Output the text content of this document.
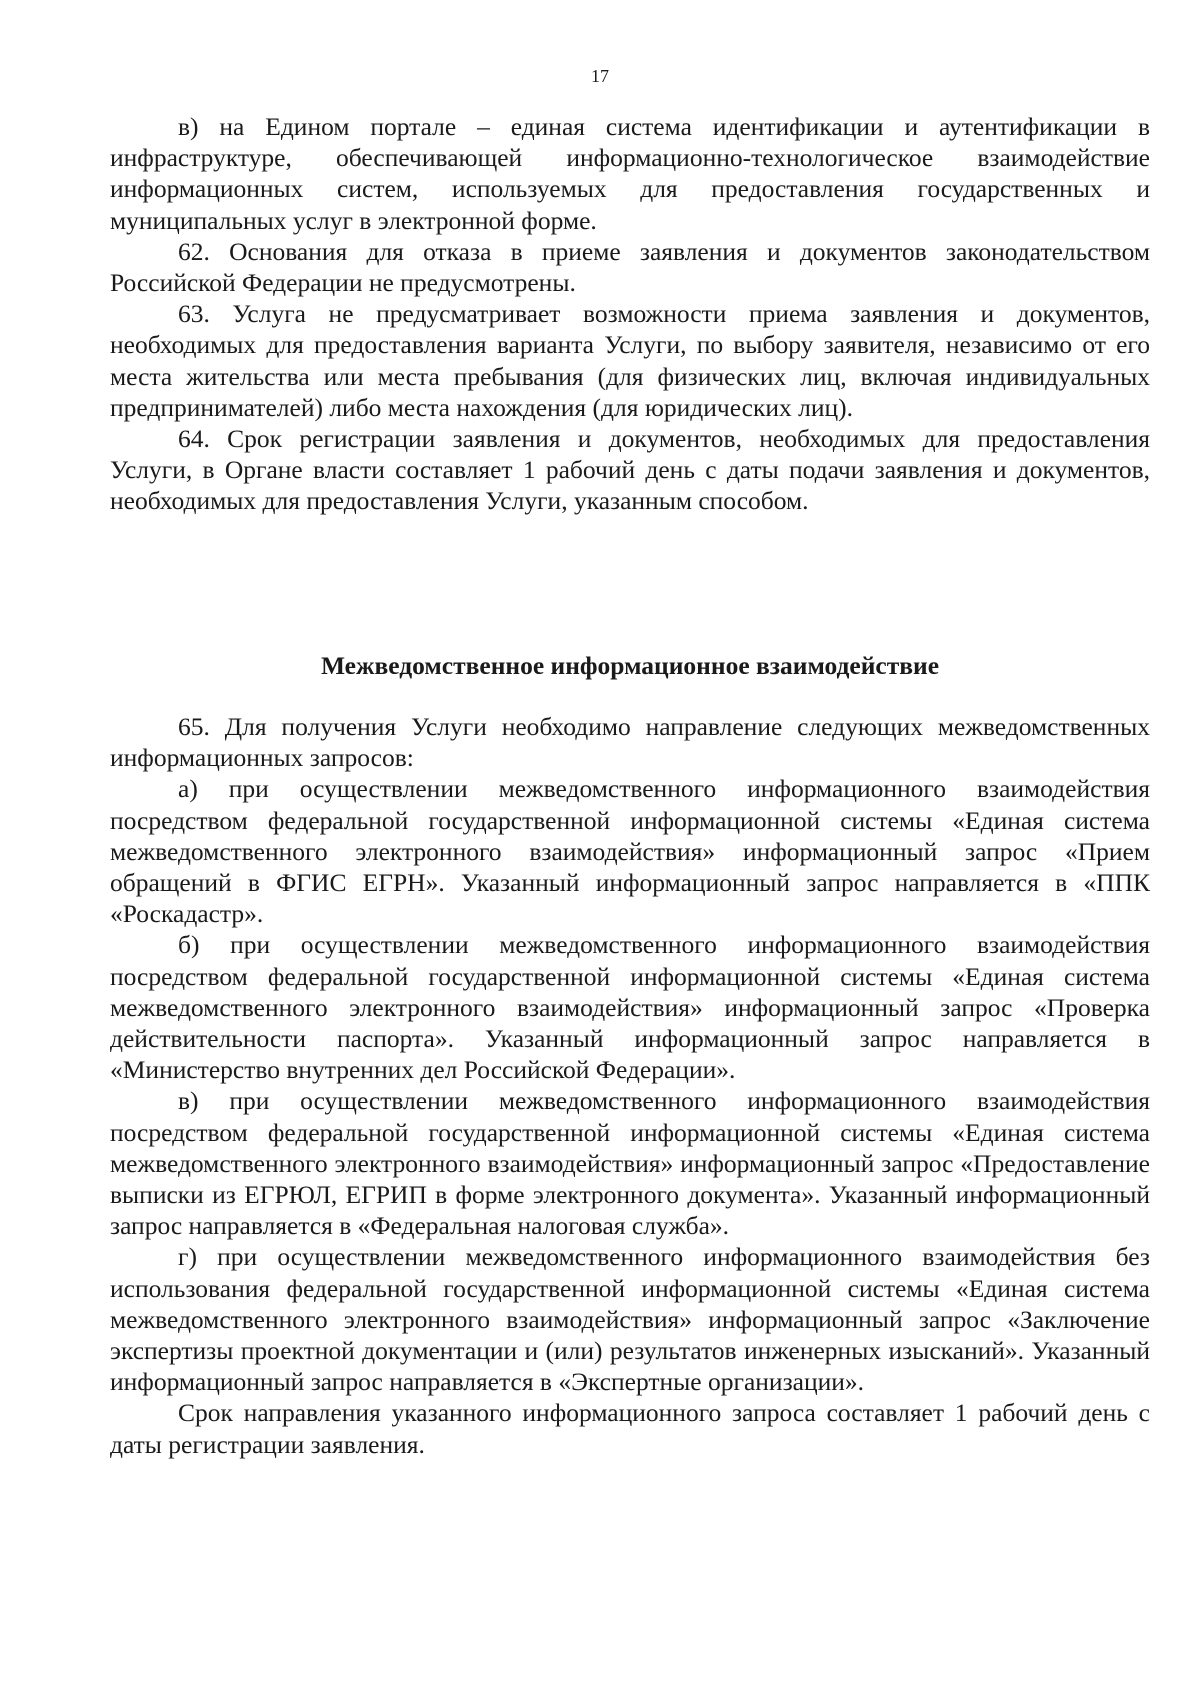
17

в) на Едином портале – единая система идентификации и аутентификации в инфраструктуре, обеспечивающей информационно-технологическое взаимодействие информационных систем, используемых для предоставления государственных и муниципальных услуг в электронной форме.

62. Основания для отказа в приеме заявления и документов законодательством Российской Федерации не предусмотрены.

63. Услуга не предусматривает возможности приема заявления и документов, необходимых для предоставления варианта Услуги, по выбору заявителя, независимо от его места жительства или места пребывания (для физических лиц, включая индивидуальных предпринимателей) либо места нахождения (для юридических лиц).

64. Срок регистрации заявления и документов, необходимых для предоставления Услуги, в Органе власти составляет 1 рабочий день с даты подачи заявления и документов, необходимых для предоставления Услуги, указанным способом.

Межведомственное информационное взаимодействие

65. Для получения Услуги необходимо направление следующих межведомственных информационных запросов:

а) при осуществлении межведомственного информационного взаимодействия посредством федеральной государственной информационной системы «Единая система межведомственного электронного взаимодействия» информационный запрос «Прием обращений в ФГИС ЕГРН». Указанный информационный запрос направляется в «ППК «Роскадастр».

б) при осуществлении межведомственного информационного взаимодействия посредством федеральной государственной информационной системы «Единая система межведомственного электронного взаимодействия» информационный запрос «Проверка действительности паспорта». Указанный информационный запрос направляется в «Министерство внутренних дел Российской Федерации».

в) при осуществлении межведомственного информационного взаимодействия посредством федеральной государственной информационной системы «Единая система межведомственного электронного взаимодействия» информационный запрос «Предоставление выписки из ЕГРЮЛ, ЕГРИП в форме электронного документа». Указанный информационный запрос направляется в «Федеральная налоговая служба».

г) при осуществлении межведомственного информационного взаимодействия без использования федеральной государственной информационной системы «Единая система межведомственного электронного взаимодействия» информационный запрос «Заключение экспертизы проектной документации и (или) результатов инженерных изысканий». Указанный информационный запрос направляется в «Экспертные организации».

Срок направления указанного информационного запроса составляет 1 рабочий день с даты регистрации заявления.
